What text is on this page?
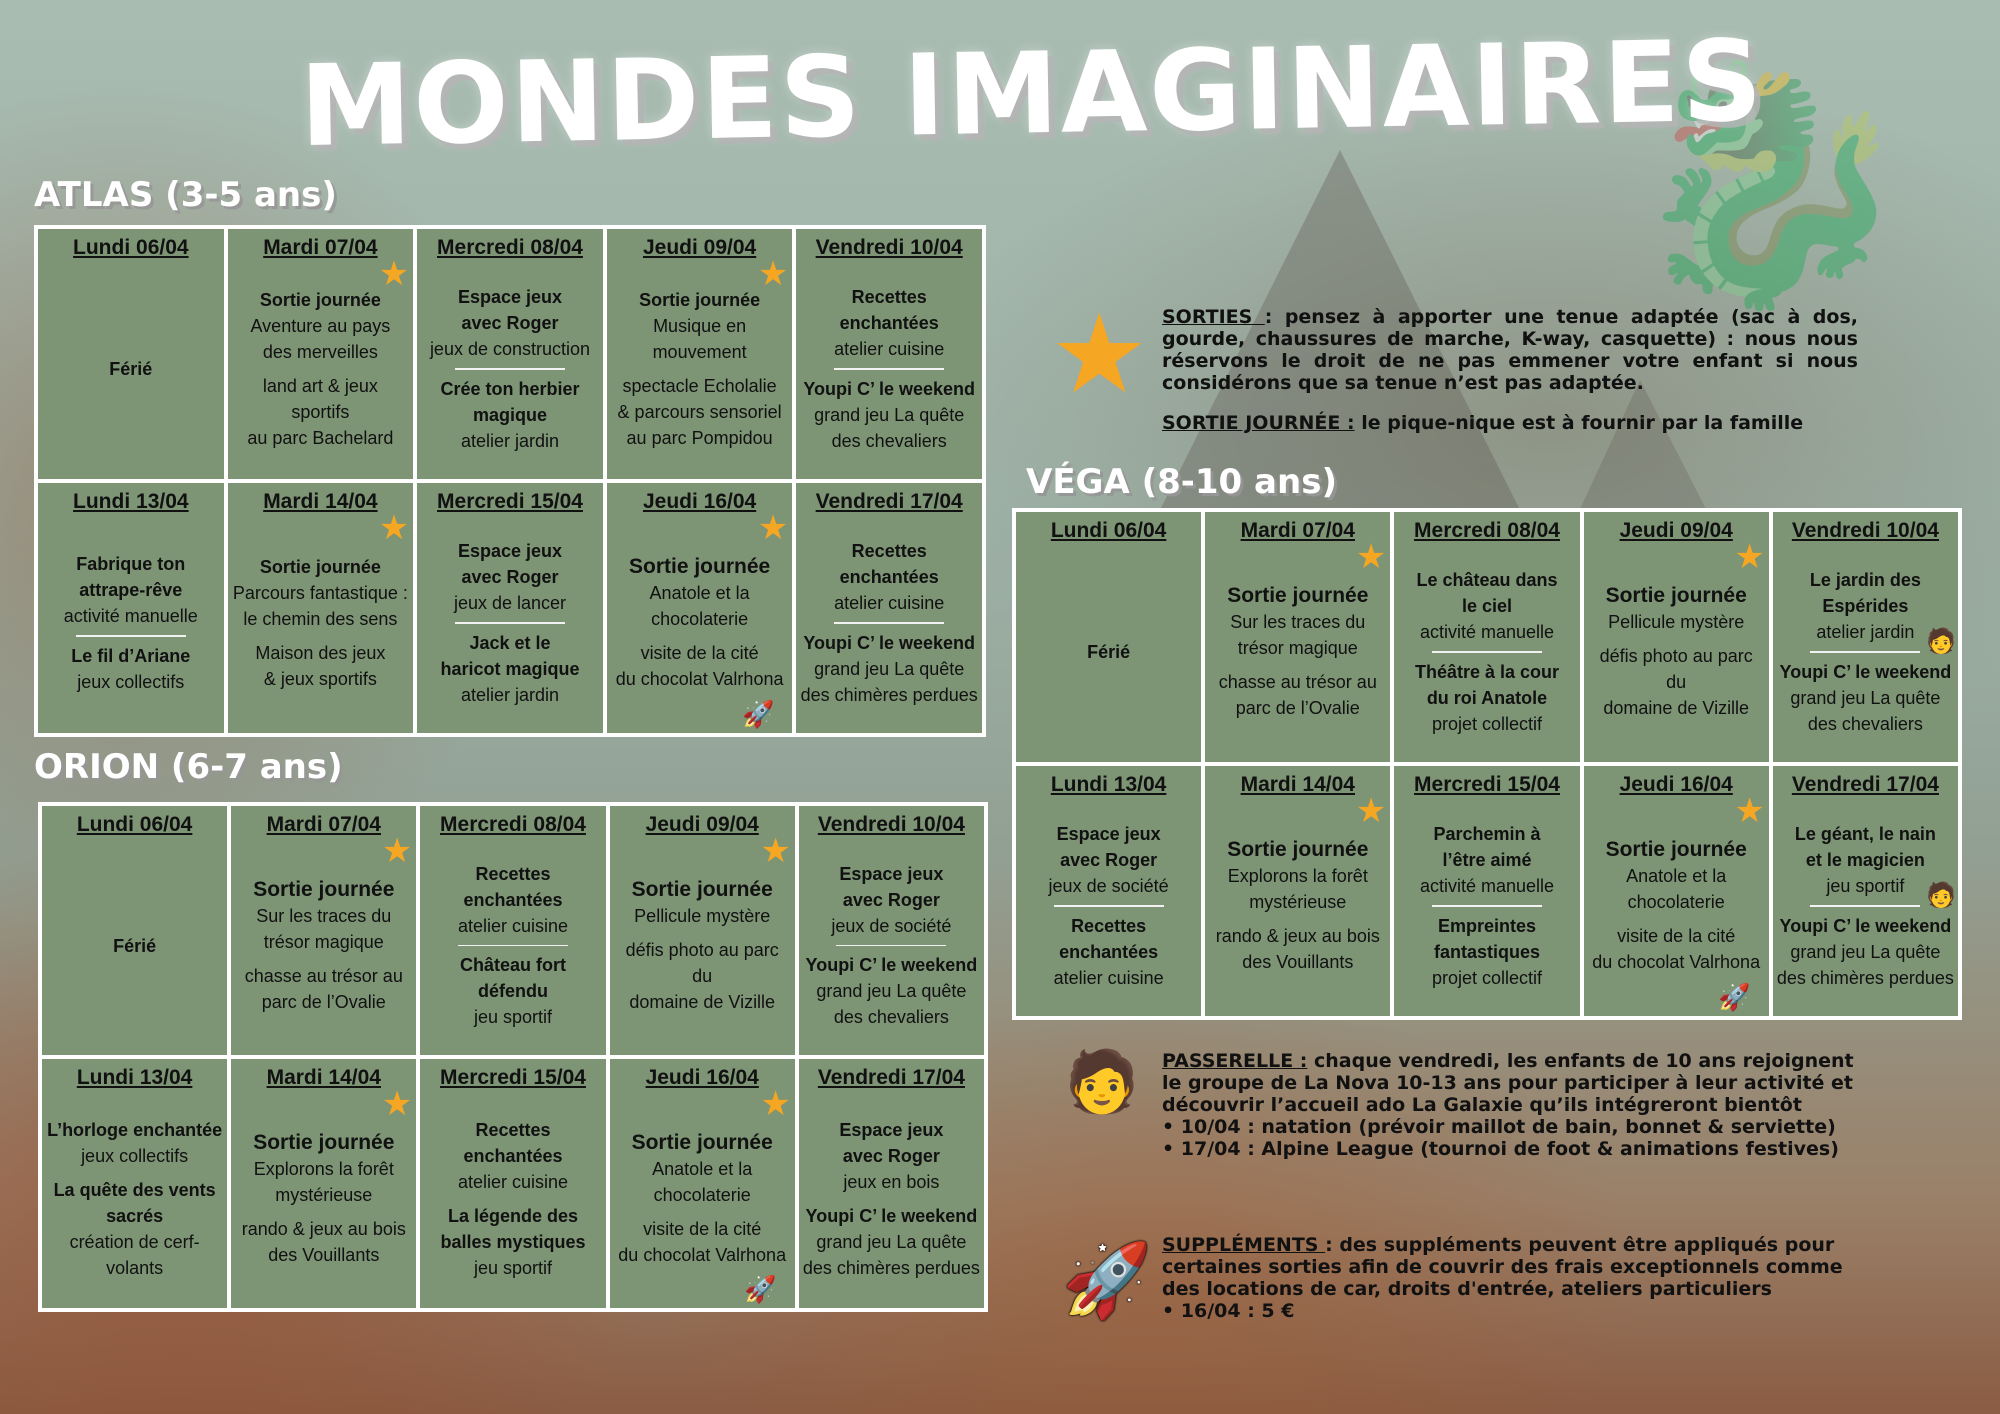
🐉
MONDES IMAGINAIRES
ATLAS (3-5 ans)
Lundi 06/04
Férié
Mardi 07/04
Sortie journée
Aventure au pays
des merveilles
land art & jeux sportifs
au parc Bachelard
★
Mercredi 08/04
Espace jeux
avec Roger
jeux de construction
Crée ton herbier
magique
atelier jardin
Jeudi 09/04
Sortie journée
Musique en mouvement
spectacle Echolalie
& parcours sensoriel
au parc Pompidou
★
Vendredi 10/04
Recettes
enchantées
atelier cuisine
Youpi C’ le weekend
grand jeu La quête
des chevaliers
Lundi 13/04
Fabrique ton
attrape-rêve
activité manuelle
Le fil d’Ariane
jeux collectifs
Mardi 14/04
Sortie journée
Parcours fantastique :
le chemin des sens
Maison des jeux
& jeux sportifs
★
Mercredi 15/04
Espace jeux
avec Roger
jeux de lancer
Jack et le
haricot magique
atelier jardin
Jeudi 16/04
Sortie journée
Anatole et la
chocolaterie
visite de la cité
du chocolat Valrhona
★
🚀
Vendredi 17/04
Recettes
enchantées
atelier cuisine
Youpi C’ le weekend
grand jeu La quête
des chimères perdues
ORION (6-7 ans)
Lundi 06/04
Férié
Mardi 07/04
Sortie journée
Sur les traces du
trésor magique
chasse au trésor au
parc de l’Ovalie
★
Mercredi 08/04
Recettes
enchantées
atelier cuisine
Château fort
défendu
jeu sportif
Jeudi 09/04
Sortie journée
Pellicule mystère
défis photo au parc du
domaine de Vizille
★
Vendredi 10/04
Espace jeux
avec Roger
jeux de société
Youpi C’ le weekend
grand jeu La quête
des chevaliers
Lundi 13/04
L’horloge enchantée
jeux collectifs
La quête des vents
sacrés
création de cerf-
volants
Mardi 14/04
Sortie journée
Explorons la forêt
mystérieuse
rando & jeux au bois
des Vouillants
★
Mercredi 15/04
Recettes
enchantées
atelier cuisine
La légende des
balles mystiques
jeu sportif
Jeudi 16/04
Sortie journée
Anatole et la
chocolaterie
visite de la cité
du chocolat Valrhona
★
🚀
Vendredi 17/04
Espace jeux
avec Roger
jeux en bois
Youpi C’ le weekend
grand jeu La quête
des chimères perdues
VÉGA (8-10 ans)
Lundi 06/04
Férié
Mardi 07/04
Sortie journée
Sur les traces du
trésor magique
chasse au trésor au
parc de l’Ovalie
★
Mercredi 08/04
Le château dans
le ciel
activité manuelle
Théâtre à la cour
du roi Anatole
projet collectif
Jeudi 09/04
Sortie journée
Pellicule mystère
défis photo au parc du
domaine de Vizille
★
Vendredi 10/04
Le jardin des
Espérides
atelier jardin
Youpi C’ le weekend
grand jeu La quête
des chevaliers
🧑
Lundi 13/04
Espace jeux
avec Roger
jeux de société
Recettes
enchantées
atelier cuisine
Mardi 14/04
Sortie journée
Explorons la forêt
mystérieuse
rando & jeux au bois
des Vouillants
★
Mercredi 15/04
Parchemin à
l’être aimé
activité manuelle
Empreintes
fantastiques
projet collectif
Jeudi 16/04
Sortie journée
Anatole et la
chocolaterie
visite de la cité
du chocolat Valrhona
★
🚀
Vendredi 17/04
Le géant, le nain
et le magicien
jeu sportif
Youpi C’ le weekend
grand jeu La quête
des chimères perdues
🧑
★ SORTIES : pensez à apporter une tenue adaptée (sac à dos, gourde, chaussures de marche, K-way, casquette) : nous nous réservons le droit de ne pas emmener votre enfant si nous considérons que sa tenue n’est pas adaptée.
SORTIE JOURNÉE : le pique-nique est à fournir par la famille
🧑 PASSERELLE : chaque vendredi, les enfants de 10 ans rejoignent le groupe de La Nova 10-13 ans pour participer à leur activité et découvrir l’accueil ado La Galaxie qu’ils intégreront bientôt
• 10/04 : natation (prévoir maillot de bain, bonnet & serviette)
• 17/04 : Alpine League (tournoi de foot & animations festives)
🚀 SUPPLÉMENTS : des suppléments peuvent être appliqués pour certaines sorties afin de couvrir des frais exceptionnels comme des locations de car, droits d'entrée, ateliers particuliers
• 16/04 : 5 €
